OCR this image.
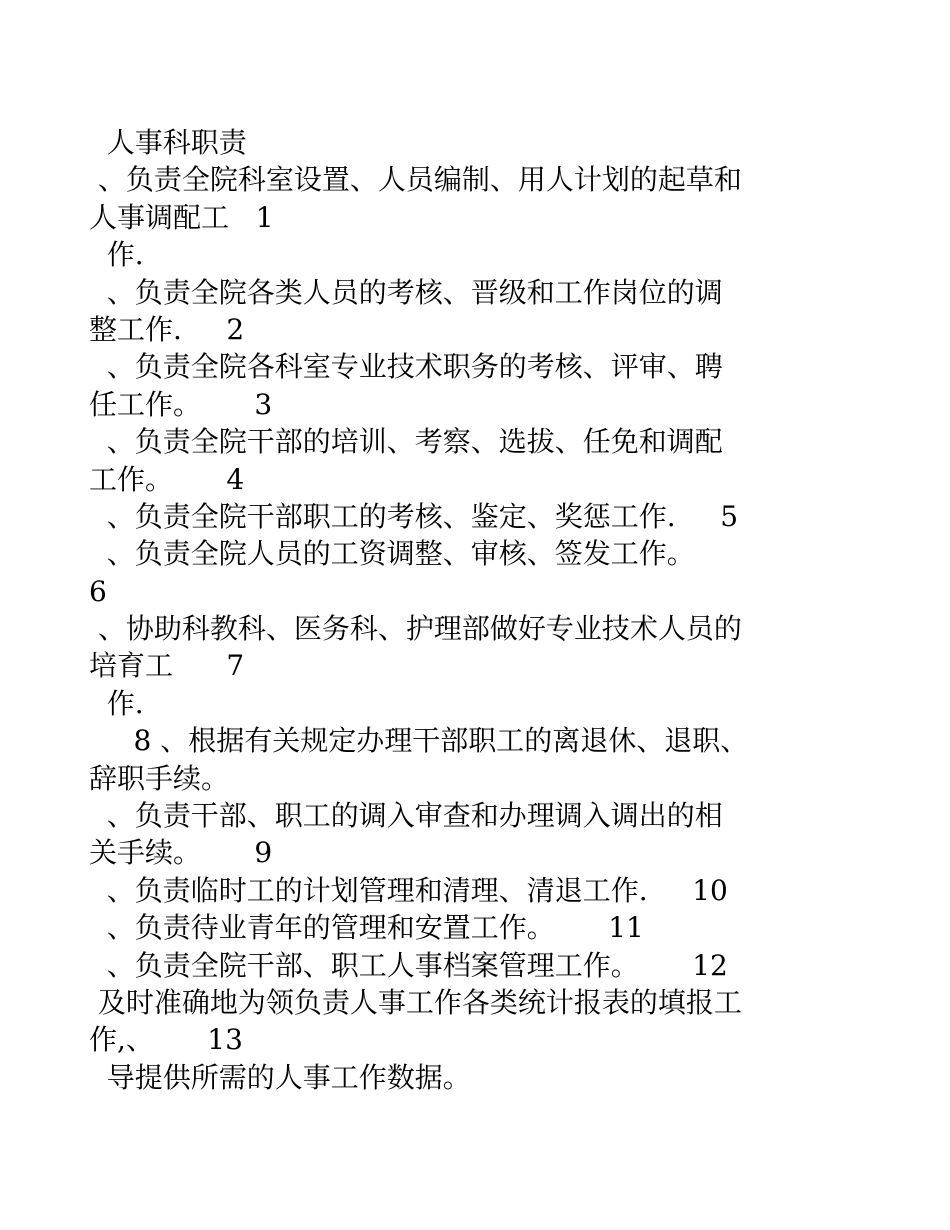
人事科职责

、负责全院科室设置、人员编制、用人计划的起草和

人事调配工   1

作.

、负责全院各类人员的考核、晋级和工作岗位的调

整工作.     2

、负责全院各科室专业技术职务的考核、评审、聘

任工作。      3

、负责全院干部的培训、考察、选拔、任免和调配

工作。      4

、负责全院干部职工的考核、鉴定、奖惩工作.     5

、负责全院人员的工资调整、审核、签发工作。

6

、协助科教科、医务科、护理部做好专业技术人员的

培育工      7

作.

8 、根据有关规定办理干部职工的离退休、退职、

辞职手续。

、负责干部、职工的调入审查和办理调入调出的相

关手续。      9

、负责临时工的计划管理和清理、清退工作.     10

、负责待业青年的管理和安置工作。      11

、负责全院干部、职工人事档案管理工作。      12

及时准确地为领负责人事工作各类统计报表的填报工

作,、      13

导提供所需的人事工作数据。
